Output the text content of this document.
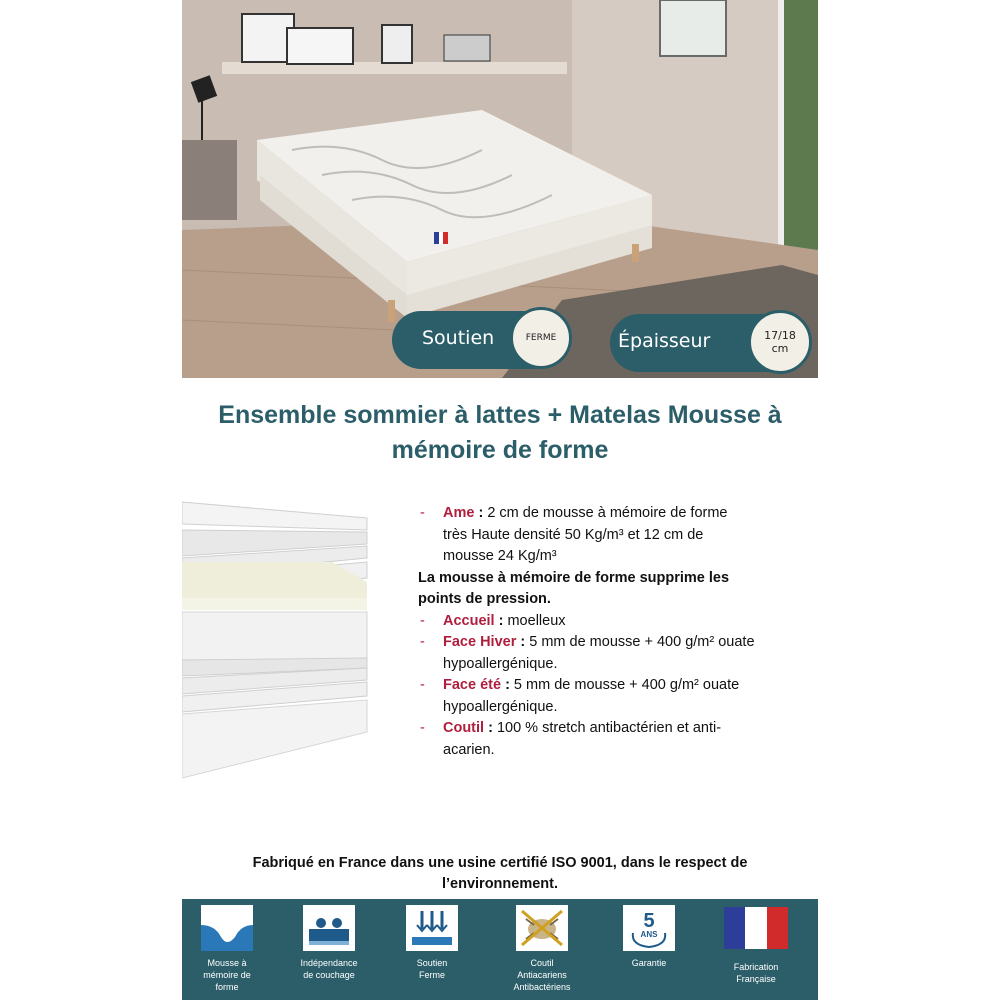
Soutien	FERME	Épaisseur	17/18
cm
Ensemble sommier à lattes + Matelas Mousse à
mémoire de forme
- Ame : 2 cm de mousse à mémoire de forme
très Haute densité 50 Kg/m³ et 12 cm de
mousse 24 Kg/m³
La mousse à mémoire de forme supprime les
points de pression.
- Accueil : moelleux
- Face Hiver : 5 mm de mousse + 400 g/m² ouate
hypoallergénique.
- Face été : 5 mm de mousse + 400 g/m² ouate
hypoallergénique.
- Coutil : 100 % stretch antibactérien et anti-
acarien.
Fabriqué en France dans une usine certifié ISO 9001, dans le respect de
l’environnement.
Mousse à
mémoire de
forme
Indépendance
de couchage
Soutien
Ferme
Coutil
Antiacariens
Antibactériens
5
ANS
Garantie	Fabrication
Française
